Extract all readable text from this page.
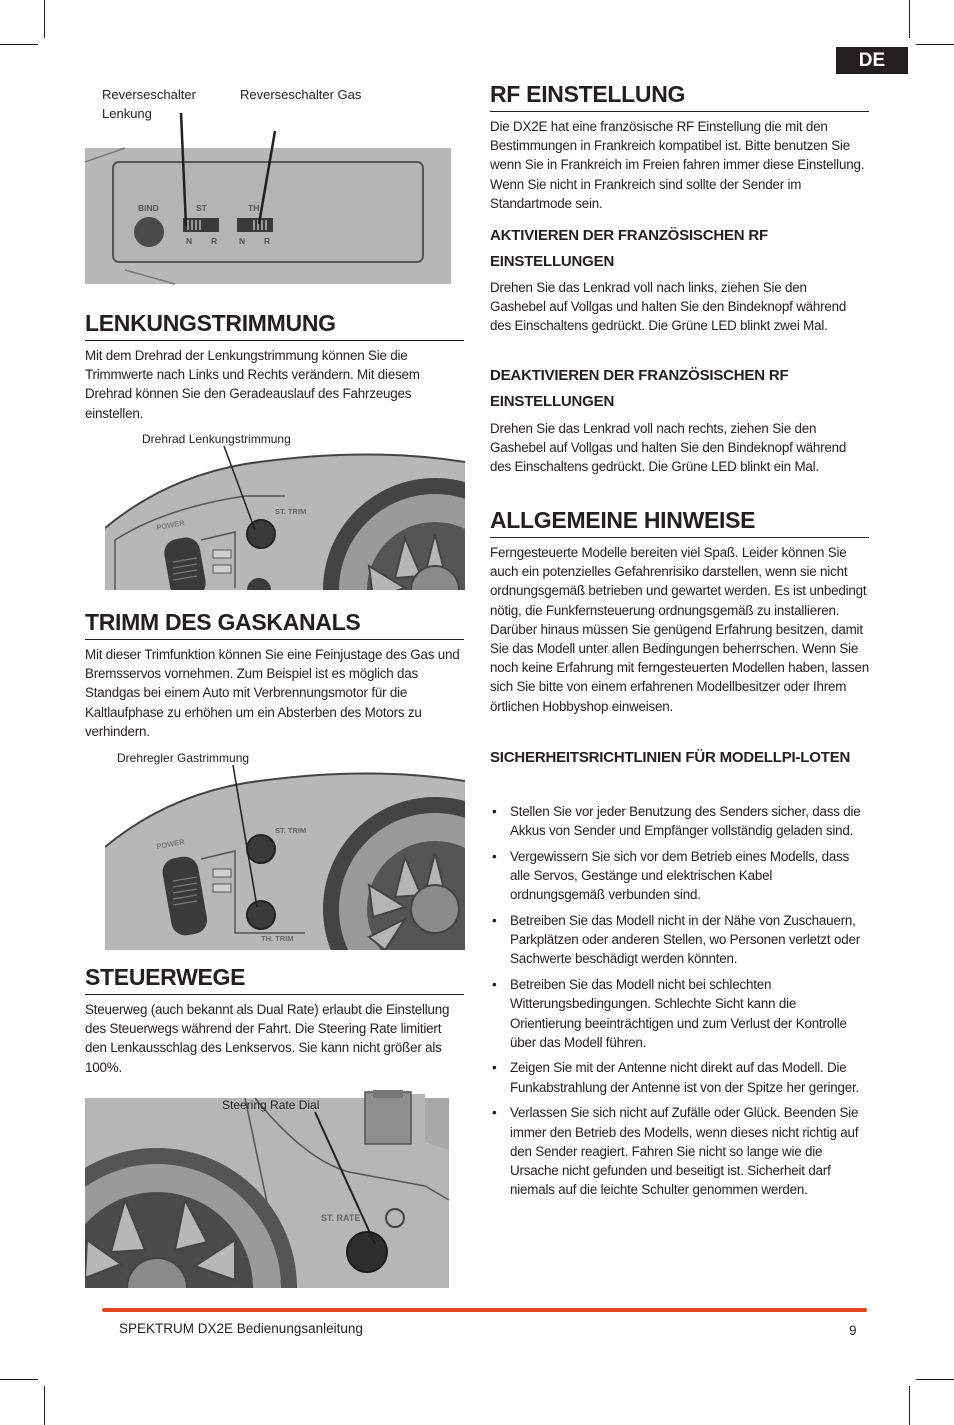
DE
Reverseschalter Lenkung
Reverseschalter Gas
BIND	ST	TH
N R	N R
LENKUNGSTRIMMUNG

Mit dem Drehrad der Lenkungstrimmung können Sie die Trimmwerte nach Links und Rechts verändern. Mit diesem Drehrad können Sie den Geradeauslauf des Fahrzeuges einstellen.

Drehrad Lenkungstrimmung
POWER
ST. TRIM
TRIMM DES GASKANALS

Mit dieser Trimfunktion können Sie eine Feinjustage des Gas und Bremsservos vornehmen. Zum Beispiel ist es möglich das Standgas bei einem Auto mit Verbrennungsmotor für die Kaltlaufphase zu erhöhen um ein Absterben des Motors zu verhindern.

Drehregler Gastrimmung
POWER
ST. TRIM
TH. TRIM
STEUERWEGE

Steuerweg (auch bekannt als Dual Rate) erlaubt die Einstellung des Steuerwegs während der Fahrt. Die Steering Rate limitiert den Lenkausschlag des Lenkservos. Sie kann nicht größer als 100%.

ST. RATE
Steering Rate Dial
RF EINSTELLUNG

Die DX2E hat eine französische RF Einstellung die mit den Bestimmungen in Frankreich kompatibel ist. Bitte benutzen Sie wenn Sie in Frankreich im Freien fahren immer diese Einstellung. Wenn Sie nicht in Frankreich sind sollte der Sender im Standartmode sein.

AKTIVIEREN DER FRANZÖSISCHEN RF EINSTELLUNGEN

Drehen Sie das Lenkrad voll nach links, ziehen Sie den Gashebel auf Vollgas und halten Sie den Bindeknopf während des Einschaltens gedrückt. Die Grüne LED blinkt zwei Mal.

DEAKTIVIEREN DER FRANZÖSISCHEN RF EINSTELLUNGEN

Drehen Sie das Lenkrad voll nach rechts, ziehen Sie den Gashebel auf Vollgas und halten Sie den Bindeknopf während des Einschaltens gedrückt. Die Grüne LED blinkt ein Mal.

ALLGEMEINE HINWEISE

Ferngesteuerte Modelle bereiten viel Spaß. Leider können Sie auch ein potenzielles Gefahrenrisiko darstellen, wenn sie nicht ordnungsgemäß betrieben und gewartet werden. Es ist unbedingt nötig, die Funkfernsteuerung ordnungsgemäß zu installieren. Darüber hinaus müssen Sie genügend Erfahrung besitzen, damit Sie das Modell unter allen Bedingungen beherrschen. Wenn Sie noch keine Erfahrung mit ferngesteuerten Modellen haben, lassen sich Sie bitte von einem erfahrenen Modellbesitzer oder Ihrem örtlichen Hobbyshop einweisen.

SICHERHEITSRICHTLINIEN FÜR MODELLPI-LOTEN
• Stellen Sie vor jeder Benutzung des Senders sicher, dass die Akkus von Sender und Empfänger vollständig geladen sind.
• Vergewissern Sie sich vor dem Betrieb eines Modells, dass alle Servos, Gestänge und elektrischen Kabel ordnungsgemäß verbunden sind.
• Betreiben Sie das Modell nicht in der Nähe von Zuschauern, Parkplätzen oder anderen Stellen, wo Personen verletzt oder Sachwerte beschädigt werden könnten.
• Betreiben Sie das Modell nicht bei schlechten Witterungsbedingungen. Schlechte Sicht kann die Orientierung beeinträchtigen und zum Verlust der Kontrolle über das Modell führen.
• Zeigen Sie mit der Antenne nicht direkt auf das Modell. Die Funkabstrahlung der Antenne ist von der Spitze her geringer.
• Verlassen Sie sich nicht auf Zufälle oder Glück. Beenden Sie immer den Betrieb des Modells, wenn dieses nicht richtig auf den Sender reagiert. Fahren Sie nicht so lange wie die Ursache nicht gefunden und beseitigt ist. Sicherheit darf niemals auf die leichte Schulter genommen werden.
SPEKTRUM DX2E Bedienungsanleitung	9
